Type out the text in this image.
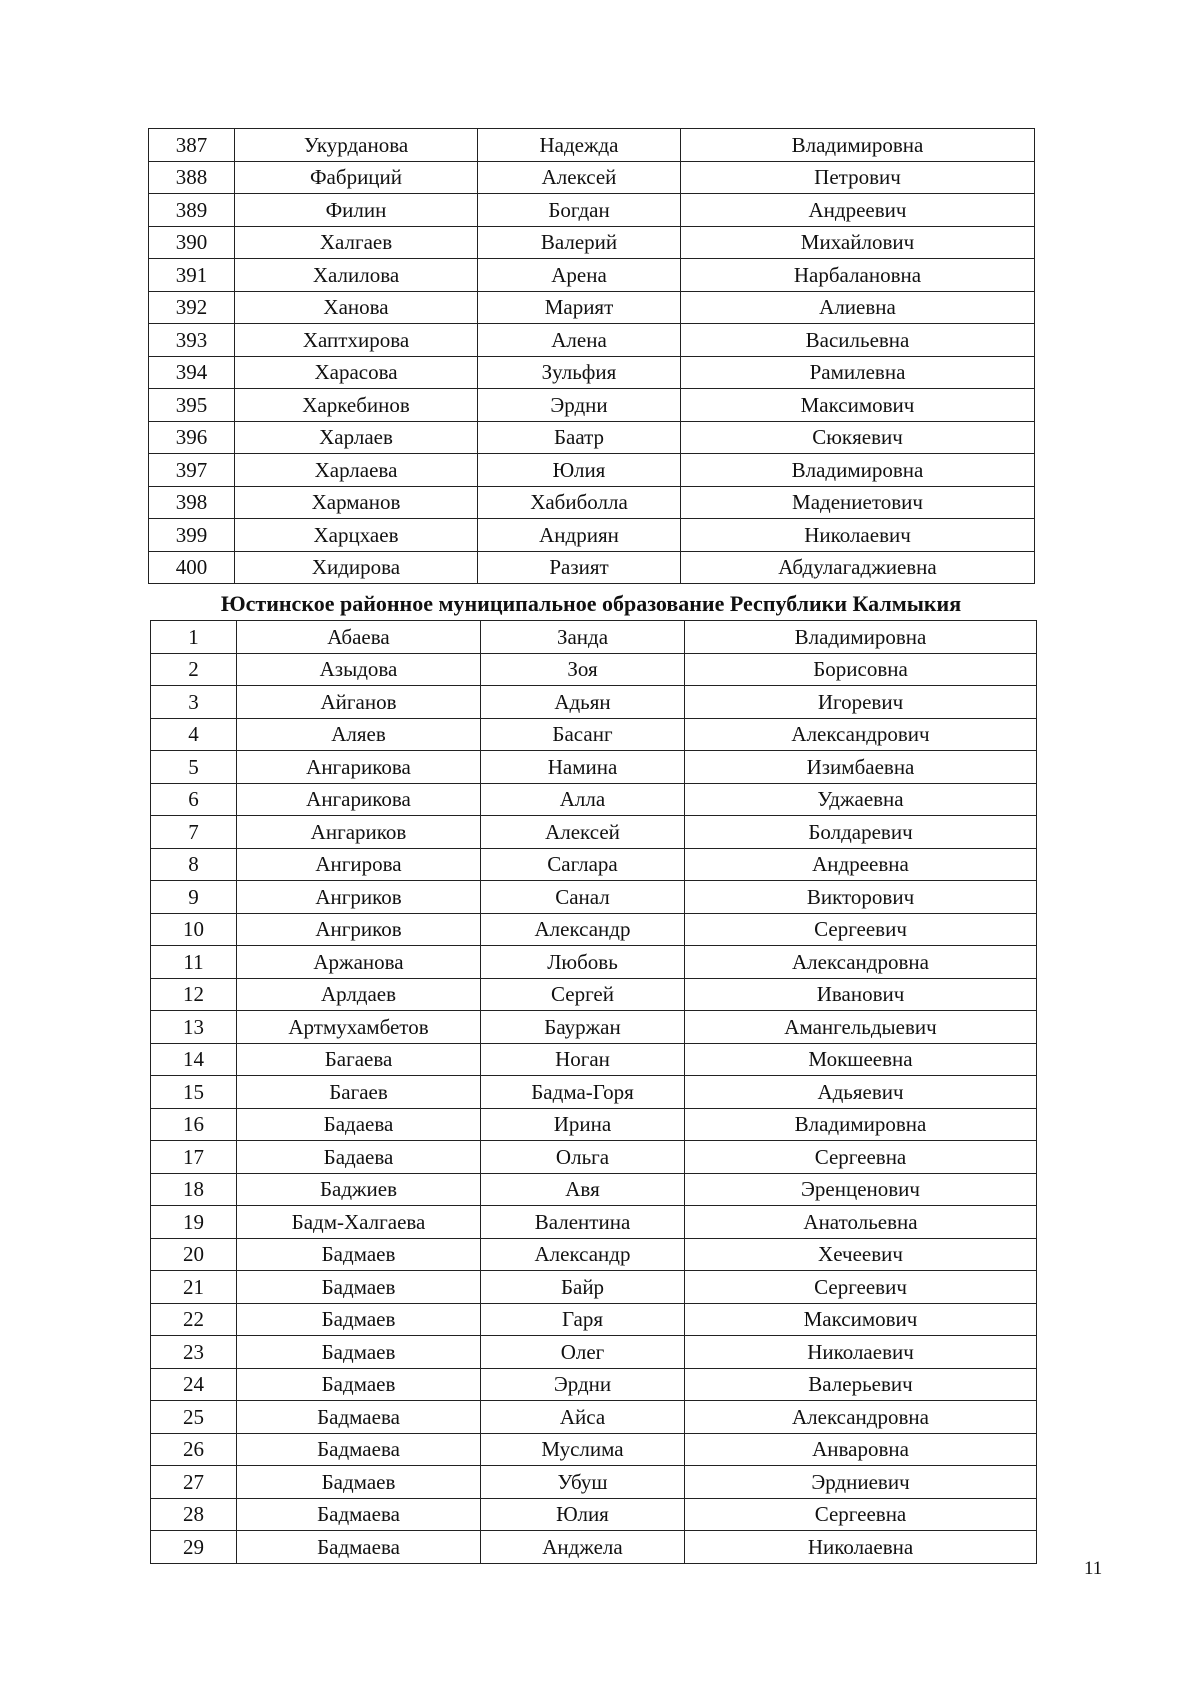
387	Укурданова	Надежда	Владимировна
388	Фабриций	Алексей	Петрович
389	Филин	Богдан	Андреевич
390	Халгаев	Валерий	Михайлович
391	Халилова	Арена	Нарбалановна
392	Ханова	Марият	Алиевна
393	Хаптхирова	Алена	Васильевна
394	Харасова	Зульфия	Рамилевна
395	Харкебинов	Эрдни	Максимович
396	Харлаев	Баатр	Сюкяевич
397	Харлаева	Юлия	Владимировна
398	Харманов	Хабиболла	Мадениетович
399	Харцхаев	Андриян	Николаевич
400	Хидирова	Разият	Абдулагаджиевна
Юстинское районное муниципальное образование Республики Калмыкия
1	Абаева	Занда	Владимировна
2	Азыдова	Зоя	Борисовна
3	Айганов	Адьян	Игоревич
4	Аляев	Басанг	Александрович
5	Ангарикова	Намина	Изимбаевна
6	Ангарикова	Алла	Уджаевна
7	Ангариков	Алексей	Болдаревич
8	Ангирова	Саглара	Андреевна
9	Ангриков	Санал	Викторович
10	Ангриков	Александр	Сергеевич
11	Аржанова	Любовь	Александровна
12	Арлдаев	Сергей	Иванович
13	Артмухамбетов	Бауржан	Амангельдыевич
14	Багаева	Ноган	Мокшеевна
15	Багаев	Бадма-Горя	Адьяевич
16	Бадаева	Ирина	Владимировна
17	Бадаева	Ольга	Сергеевна
18	Баджиев	Авя	Эренценович
19	Бадм-Халгаева	Валентина	Анатольевна
20	Бадмаев	Александр	Хечеевич
21	Бадмаев	Байр	Сергеевич
22	Бадмаев	Гаря	Максимович
23	Бадмаев	Олег	Николаевич
24	Бадмаев	Эрдни	Валерьевич
25	Бадмаева	Айса	Александровна
26	Бадмаева	Муслима	Анваровна
27	Бадмаев	Убуш	Эрдниевич
28	Бадмаева	Юлия	Сергеевна
29	Бадмаева	Анджела	Николаевна
11
